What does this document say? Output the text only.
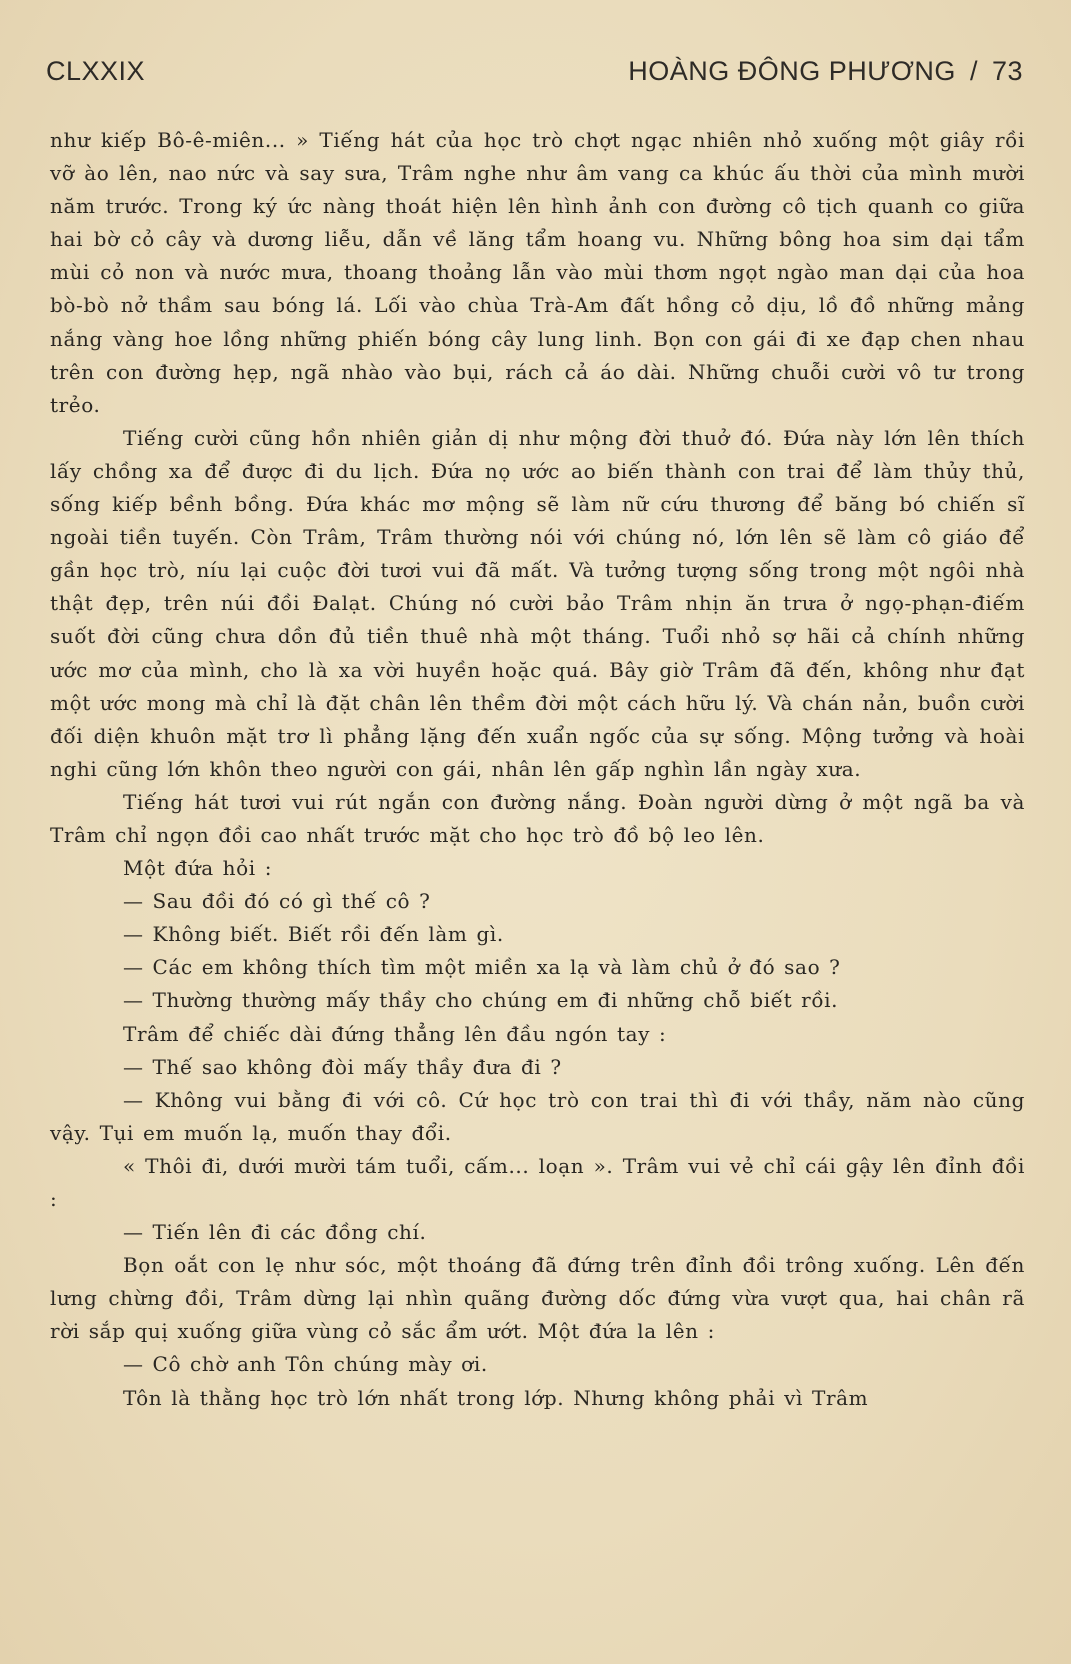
CLXXIX	HOÀNG ĐÔNG PHƯƠNG / 73

như kiếp Bô-ê-miên... » Tiếng hát của học trò chợt ngạc nhiên nhỏ xuống một giây rồi vỡ ào lên, nao nức và say sưa, Trâm nghe như âm vang ca khúc ấu thời của mình mười năm trước. Trong ký ức nàng thoát hiện lên hình ảnh con đường cô tịch quanh co giữa hai bờ cỏ cây và dương liễu, dẫn về lăng tẩm hoang vu. Những bông hoa sim dại tẩm mùi cỏ non và nước mưa, thoang thoảng lẫn vào mùi thơm ngọt ngào man dại của hoa bò-bò nở thầm sau bóng lá. Lối vào chùa Trà-Am đất hồng cỏ dịu, lồ đồ những mảng nắng vàng hoe lồng những phiến bóng cây lung linh. Bọn con gái đi xe đạp chen nhau trên con đường hẹp, ngã nhào vào bụi, rách cả áo dài. Những chuỗi cười vô tư trong trẻo.

Tiếng cười cũng hồn nhiên giản dị như mộng đời thuở đó. Đứa này lớn lên thích lấy chồng xa để được đi du lịch. Đứa nọ ước ao biến thành con trai để làm thủy thủ, sống kiếp bềnh bồng. Đứa khác mơ mộng sẽ làm nữ cứu thương để băng bó chiến sĩ ngoài tiền tuyến. Còn Trâm, Trâm thường nói với chúng nó, lớn lên sẽ làm cô giáo để gần học trò, níu lại cuộc đời tươi vui đã mất. Và tưởng tượng sống trong một ngôi nhà thật đẹp, trên núi đồi Đalạt. Chúng nó cười bảo Trâm nhịn ăn trưa ở ngọ-phạn-điếm suốt đời cũng chưa dồn đủ tiền thuê nhà một tháng. Tuổi nhỏ sợ hãi cả chính những ước mơ của mình, cho là xa vời huyền hoặc quá. Bây giờ Trâm đã đến, không như đạt một ước mong mà chỉ là đặt chân lên thềm đời một cách hữu lý. Và chán nản, buồn cười đối diện khuôn mặt trơ lì phẳng lặng đến xuẩn ngốc của sự sống. Mộng tưởng và hoài nghi cũng lớn khôn theo người con gái, nhân lên gấp nghìn lần ngày xưa.

Tiếng hát tươi vui rút ngắn con đường nắng. Đoàn người dừng ở một ngã ba và Trâm chỉ ngọn đồi cao nhất trước mặt cho học trò đồ bộ leo lên.

Một đứa hỏi :

— Sau đồi đó có gì thế cô ?

— Không biết. Biết rồi đến làm gì.

— Các em không thích tìm một miền xa lạ và làm chủ ở đó sao ?

— Thường thường mấy thầy cho chúng em đi những chỗ biết rồi.

Trâm để chiếc dài đứng thẳng lên đầu ngón tay :

— Thế sao không đòi mấy thầy đưa đi ?

— Không vui bằng đi với cô. Cứ học trò con trai thì đi với thầy, năm nào cũng vậy. Tụi em muốn lạ, muốn thay đổi.

« Thôi đi, dưới mười tám tuổi, cấm... loạn ». Trâm vui vẻ chỉ cái gậy lên đỉnh đồi :

— Tiến lên đi các đồng chí.

Bọn oắt con lẹ như sóc, một thoáng đã đứng trên đỉnh đồi trông xuống. Lên đến lưng chừng đồi, Trâm dừng lại nhìn quãng đường dốc đứng vừa vượt qua, hai chân rã rời sắp quị xuống giữa vùng cỏ sắc ẩm ướt. Một đứa la lên :

— Cô chờ anh Tôn chúng mày ơi.

Tôn là thằng học trò lớn nhất trong lớp. Nhưng không phải vì Trâm
